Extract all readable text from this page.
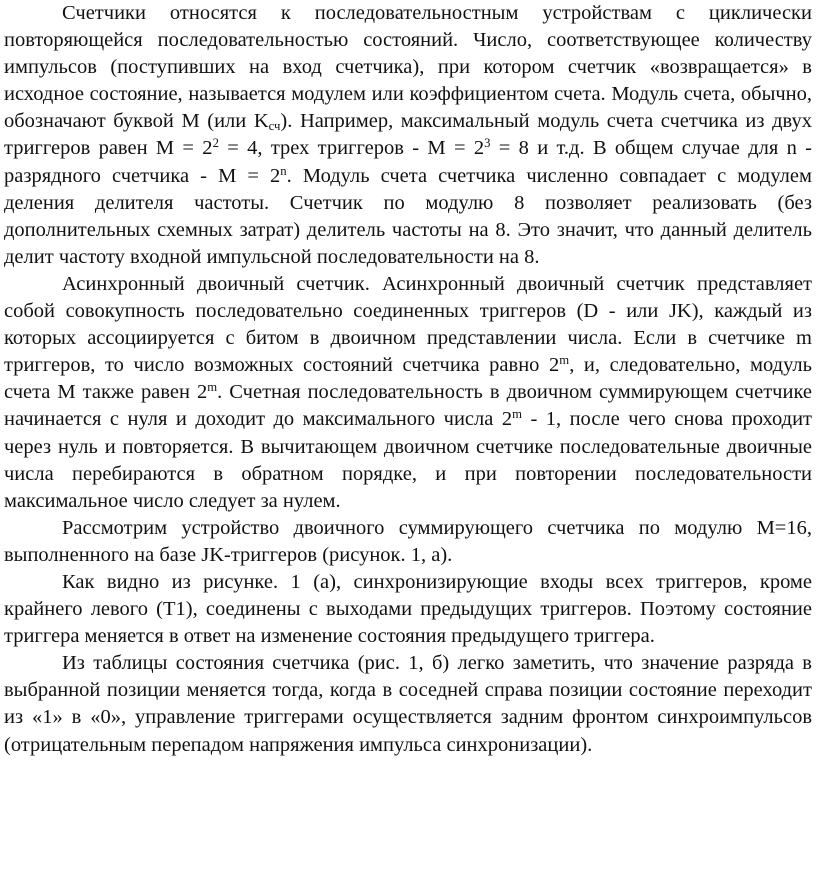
Счетчики относятся к последовательностным устройствам с циклически повторяющейся последовательностью состояний. Число, соответствующее количеству импульсов (поступивших на вход счетчика), при котором счетчик «возвращается» в исходное состояние, называется модулем или коэффициентом счета. Модуль счета, обычно, обозначают буквой M (или $K_{сч}$). Например, максимальный модуль счета счетчика из двух триггеров равен $M = 2^2 = 4$, трех триггеров - $M = 2^3 = 8$ и т.д. В общем случае для n - разрядного счетчика - $M = 2^n$. Модуль счета счетчика численно совпадает с модулем деления делителя частоты. Счетчик по модулю 8 позволяет реализовать (без дополнительных схемных затрат) делитель частоты на 8. Это значит, что данный делитель делит частоту входной импульсной последовательности на 8.

Асинхронный двоичный счетчик. Асинхронный двоичный счетчик представляет собой совокупность последовательно соединенных триггеров (D - или JK), каждый из которых ассоциируется с битом в двоичном представлении числа. Если в счетчике m триггеров, то число возможных состояний счетчика равно 2$^m$, и, следовательно, модуль счета M также равен 2$^m$. Счетная последовательность в двоичном суммирующем счетчике начинается с нуля и доходит до максимального числа 2$^m$ - 1, после чего снова проходит через нуль и повторяется. В вычитающем двоичном счетчике последовательные двоичные числа перебираются в обратном порядке, и при повторении последовательности максимальное число следует за нулем.

Рассмотрим устройство двоичного суммирующего счетчика по модулю M=16, выполненного на базе JK-триггеров (рисунок. 1, а).

Как видно из рисунке. 1 (а), синхронизирующие входы всех триггеров, кроме крайнего левого (T1), соединены с выходами предыдущих триггеров. Поэтому состояние триггера меняется в ответ на изменение состояния предыдущего триггера.

Из таблицы состояния счетчика (рис. 1, б) легко заметить, что значение разряда в выбранной позиции меняется тогда, когда в соседней справа позиции состояние переходит из «1» в «0», управление триггерами осуществляется задним фронтом синхроимпульсов (отрицательным перепадом напряжения импульса синхронизации).
